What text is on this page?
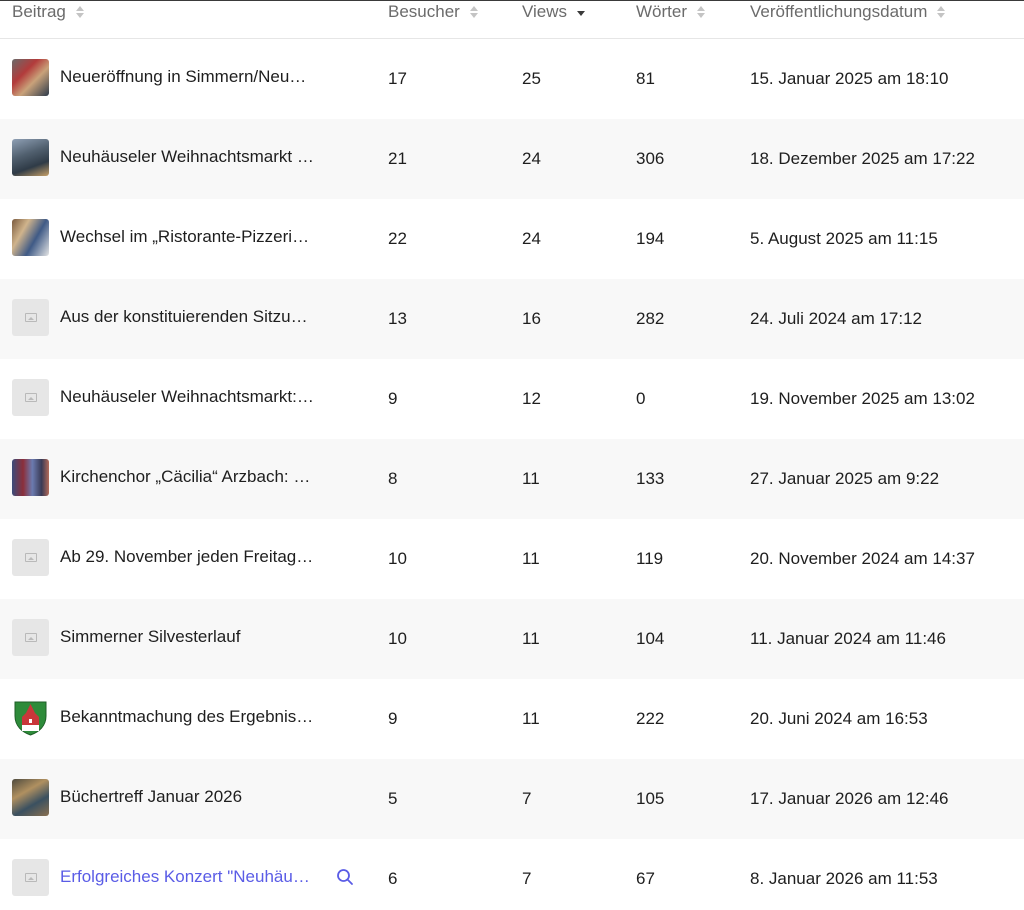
Beitrag	Besucher	Views	Wörter	Veröffentlichungsdatum
Neueröffnung in Simmern/Neu…	17	25	81	15. Januar 2025 am 18:10
Neuhäuseler Weihnachtsmarkt …	21	24	306	18. Dezember 2025 am 17:22
Wechsel im „Ristorante-Pizzeri…	22	24	194	5. August 2025 am 11:15
Aus der konstituierenden Sitzu…	13	16	282	24. Juli 2024 am 17:12
Neuhäuseler Weihnachtsmarkt:…	9	12	0	19. November 2025 am 13:02
Kirchenchor „Cäcilia“ Arzbach: …	8	11	133	27. Januar 2025 am 9:22
Ab 29. November jeden Freitag…	10	11	119	20. November 2024 am 14:37
Simmerner Silvesterlauf	10	11	104	11. Januar 2024 am 11:46
Bekanntmachung des Ergebnis…	9	11	222	20. Juni 2024 am 16:53
Büchertreff Januar 2026	5	7	105	17. Januar 2026 am 12:46
Erfolgreiches Konzert "Neuhäu…	6	7	67	8. Januar 2026 am 11:53
